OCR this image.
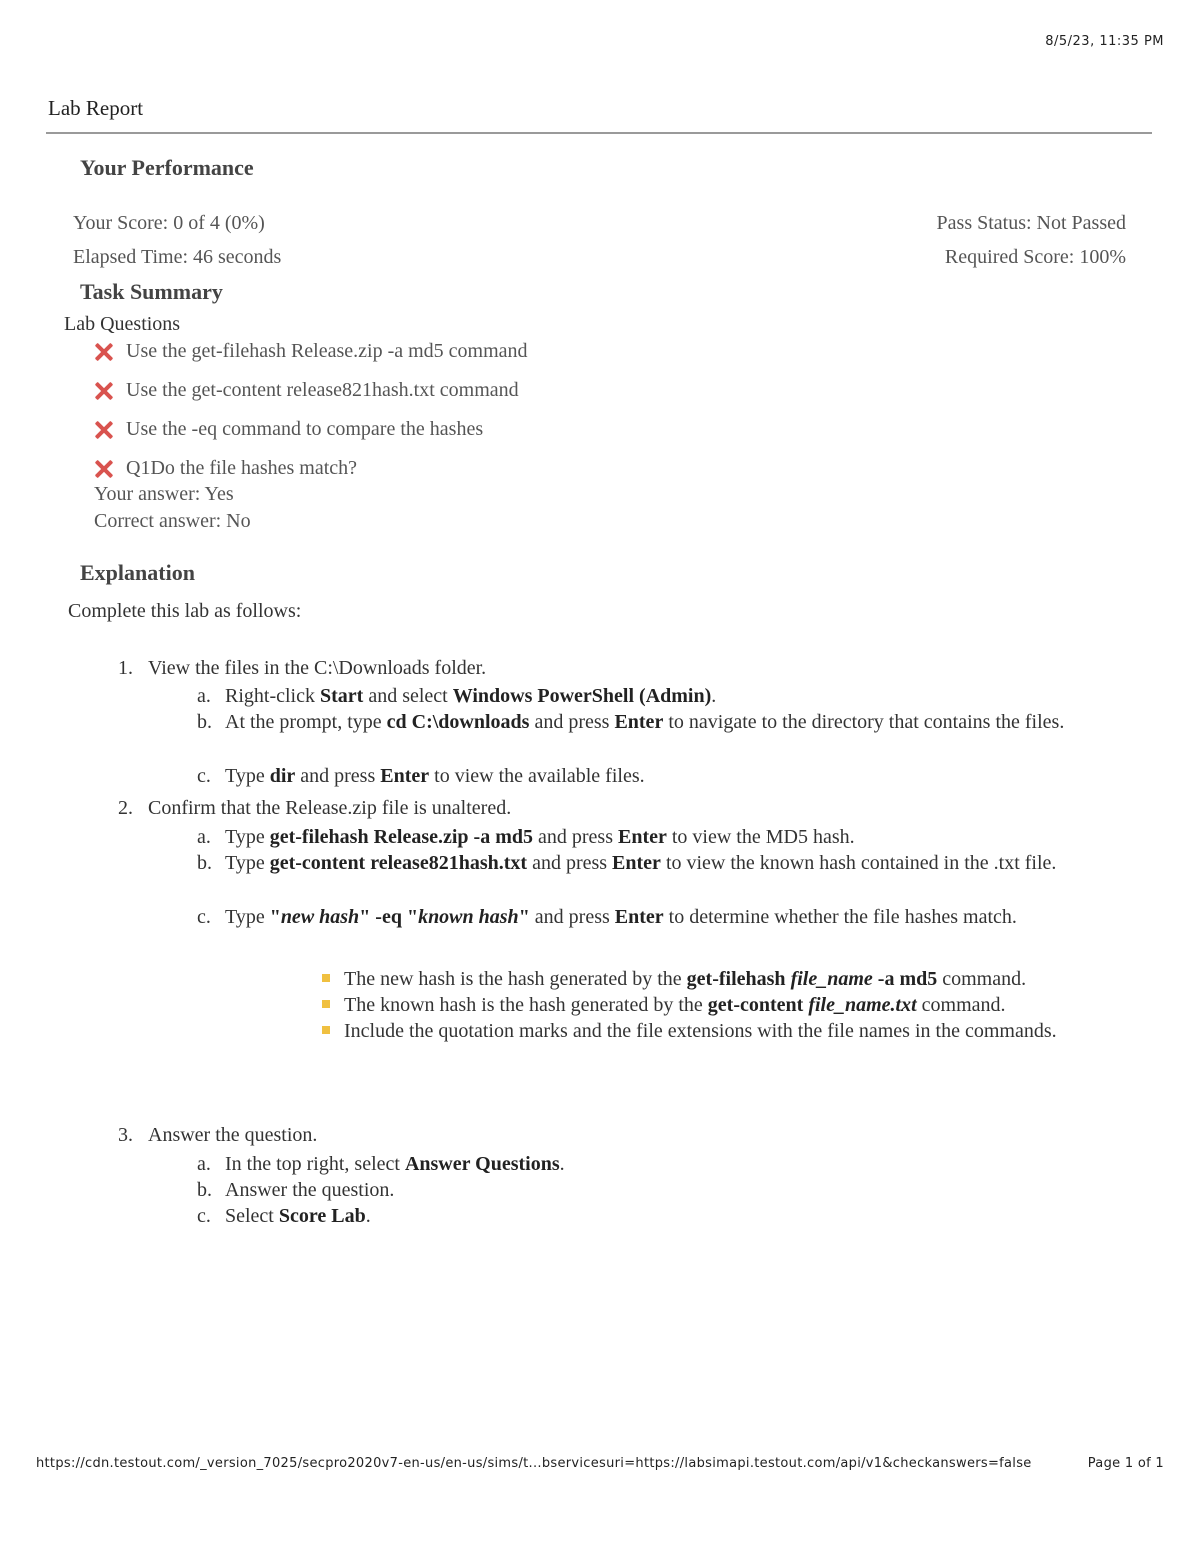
8/5/23, 11:35 PM
Lab Report
Your Performance
Your Score: 0 of 4 (0%)
Elapsed Time: 46 seconds
Pass Status: Not Passed
Required Score: 100%
Task Summary
Lab Questions
Use the get-filehash Release.zip -a md5 command
Use the get-content release821hash.txt command
Use the -eq command to compare the hashes
Q1Do the file hashes match?
Your answer: Yes
Correct answer: No
Explanation
Complete this lab as follows:
1. View the files in the C:\Downloads folder.
a. Right-click Start and select Windows PowerShell (Admin).
b. At the prompt, type cd C:\downloads and press Enter to navigate to the directory that contains the files.
c. Type dir and press Enter to view the available files.
2. Confirm that the Release.zip file is unaltered.
a. Type get-filehash Release.zip -a md5 and press Enter to view the MD5 hash.
b. Type get-content release821hash.txt and press Enter to view the known hash contained in the .txt file.
c. Type "new hash" -eq "known hash" and press Enter to determine whether the file hashes match.
The new hash is the hash generated by the get-filehash file_name -a md5 command.
The known hash is the hash generated by the get-content file_name.txt command.
Include the quotation marks and the file extensions with the file names in the commands.
3. Answer the question.
a. In the top right, select Answer Questions.
b. Answer the question.
c. Select Score Lab.
https://cdn.testout.com/_version_7025/secpro2020v7-en-us/en-us/sims/t...bservicesuri=https://labsimapi.testout.com/api/v1&checkanswers=false	Page 1 of 1
